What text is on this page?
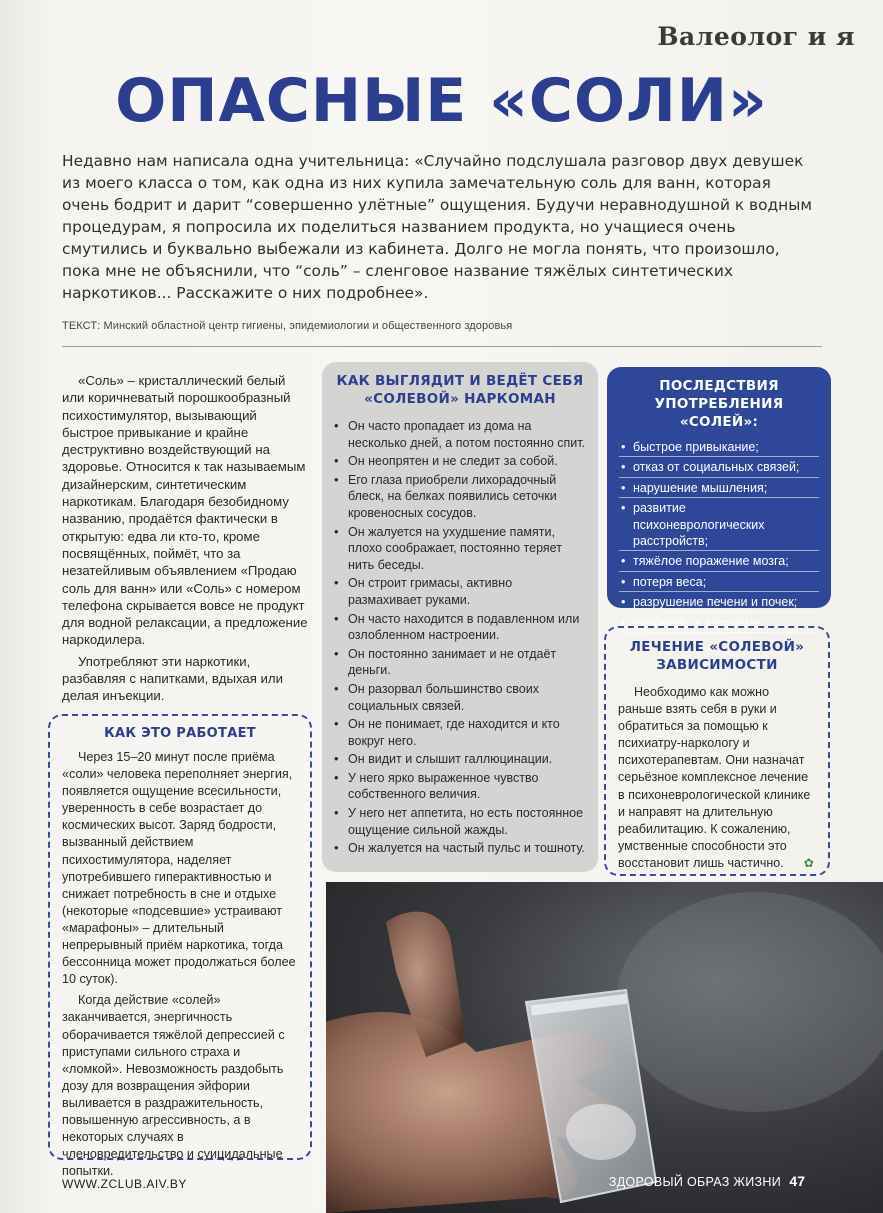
Валеолог и я
ОПАСНЫЕ «СОЛИ»
Недавно нам написала одна учительница: «Случайно подслушала разговор двух девушек из моего класса о том, как одна из них купила замечательную соль для ванн, которая очень бодрит и дарит “совершенно улётные” ощущения. Будучи неравнодушной к водным процедурам, я попросила их поделиться названием продукта, но учащиеся очень смутились и буквально выбежали из кабинета. Долго не могла понять, что произошло, пока мне не объяснили, что “соль” – сленговое название тяжёлых синтетических наркотиков... Расскажите о них подробнее».
ТЕКСТ: Минский областной центр гигиены, эпидемиологии и общественного здоровья

«Соль» – кристаллический белый или коричневатый порошкообразный психостимулятор, вызывающий быстрое привыкание и крайне деструктивно воздействующий на здоровье. Относится к так называемым дизайнерским, синтетическим наркотикам. Благодаря безобидному названию, продаётся фактически в открытую: едва ли кто-то, кроме посвящённых, поймёт, что за незатейливым объявлением «Продаю соль для ванн» или «Соль» с номером телефона скрывается вовсе не продукт для водной релаксации, а предложение наркодилера.

Употребляют эти наркотики, разбавляя с напитками, вдыхая или делая инъекции.

КАК ЭТО РАБОТАЕТ

Через 15–20 минут после приёма «соли» человека переполняет энергия, появляется ощущение всесильности, уверенность в себе возрастает до космических высот. Заряд бодрости, вызванный действием психостимулятора, наделяет употребившего гиперактивностью и снижает потребность в сне и отдыхе (некоторые «подсевшие» устраивают «марафоны» – длительный непрерывный приём наркотика, тогда бессонница может продолжаться более 10 суток).

Когда действие «солей» заканчивается, энергичность оборачивается тяжёлой депрессией с приступами сильного страха и «ломкой». Невозможность раздобыть дозу для возвращения эйфории выливается в раздражительность, повышенную агрессивность, а в некоторых случаях в членовредительство и суицидальные попытки.

КАК ВЫГЛЯДИТ И ВЕДЁТ СЕБЯ «СОЛЕВОЙ» НАРКОМАН
• Он часто пропадает из дома на несколько дней, а потом постоянно спит.
• Он неопрятен и не следит за собой.
• Его глаза приобрели лихорадочный блеск, на белках появились сеточки кровеносных сосудов.
• Он жалуется на ухудшение памяти, плохо соображает, постоянно теряет нить беседы.
• Он строит гримасы, активно размахивает руками.
• Он часто находится в подавленном или озлобленном настроении.
• Он постоянно занимает и не отдаёт деньги.
• Он разорвал большинство своих социальных связей.
• Он не понимает, где находится и кто вокруг него.
• Он видит и слышит галлюцинации.
• У него ярко выраженное чувство собственного величия.
• У него нет аппетита, но есть постоянное ощущение сильной жажды.
• Он жалуется на частый пульс и тошноту.
ПОСЛЕДСТВИЯ УПОТРЕБЛЕНИЯ «СОЛЕЙ»:
• быстрое привыкание;
• отказ от социальных связей;
• нарушение мышления;
• развитие психоневрологических расстройств;
• тяжёлое поражение мозга;
• потеря веса;
• разрушение печени и почек;
• проблемы с сосудами.
ЛЕЧЕНИЕ «СОЛЕВОЙ» ЗАВИСИМОСТИ

Необходимо как можно раньше взять себя в руки и обратиться за помощью к психиатру-наркологу и психотерапевтам. Они назначат серьёзное комплексное лечение в психоневрологической клинике и направят на длительную реабилитацию. К сожалению, умственные способности это восстановит лишь частично. ✿

WWW.ZCLUB.AIV.BY	ЗДОРОВЫЙ ОБРАЗ ЖИЗНИ 47
